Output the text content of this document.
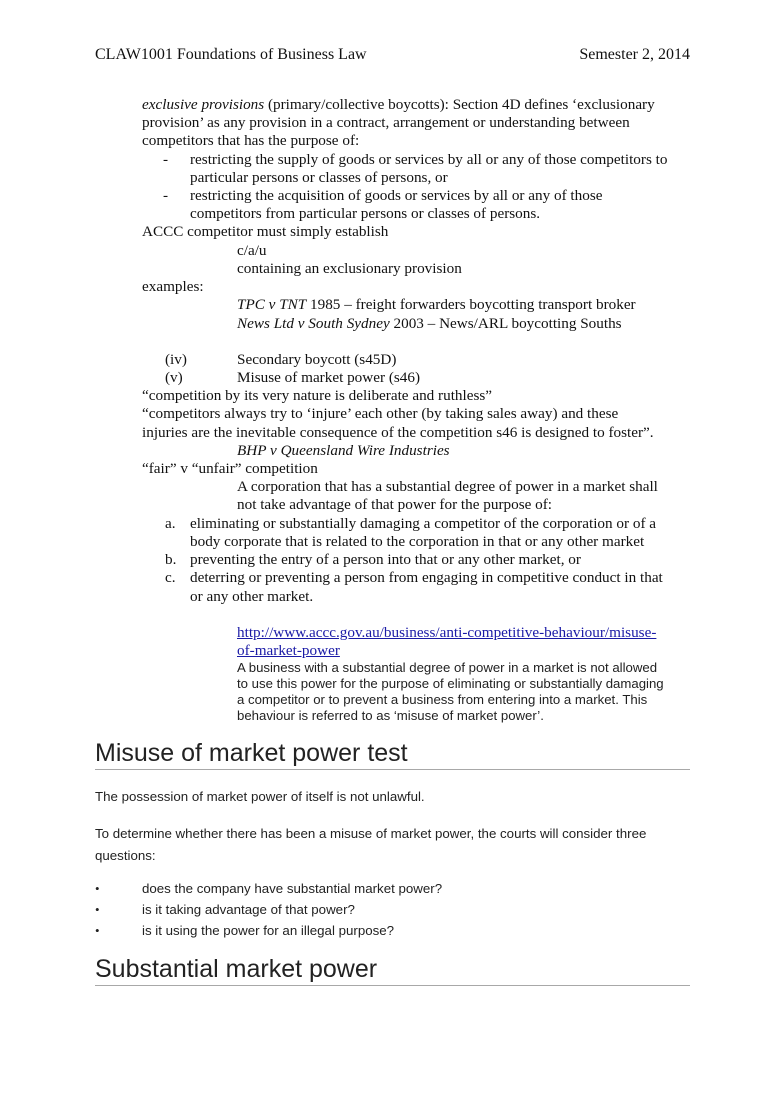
CLAW1001 Foundations of Business Law	Semester 2, 2014
exclusive provisions (primary/collective boycotts): Section 4D defines ‘exclusionary
provision’ as any provision in a contract, arrangement or understanding between
competitors that has the purpose of:
- restricting the supply of goods or services by all or any of those competitors to
particular persons or classes of persons, or
- restricting the acquisition of goods or services by all or any of those
competitors from particular persons or classes of persons.
ACCC competitor must simply establish
c/a/u
containing an exclusionary provision
examples:
TPC v TNT 1985 – freight forwarders boycotting transport broker
News Ltd v South Sydney 2003 – News/ARL boycotting Souths
(iv)	Secondary boycott (s45D)
(v)	Misuse of market power (s46)
“competition by its very nature is deliberate and ruthless”
“competitors always try to ‘injure’ each other (by taking sales away) and these
injuries are the inevitable consequence of the competition s46 is designed to foster”.
BHP v Queensland Wire Industries
“fair” v “unfair” competition
A corporation that has a substantial degree of power in a market shall
not take advantage of that power for the purpose of:
a. eliminating or substantially damaging a competitor of the corporation or of a
body corporate that is related to the corporation in that or any other market
b. preventing the entry of a person into that or any other market, or
c. deterring or preventing a person from engaging in competitive conduct in that
or any other market.
http://www.accc.gov.au/business/anti-competitive-behaviour/misuse-
of-market-power
A business with a substantial degree of power in a market is not allowed
to use this power for the purpose of eliminating or substantially damaging
a competitor or to prevent a business from entering into a market. This
behaviour is referred to as ‘misuse of market power’.
Misuse of market power test
The possession of market power of itself is not unlawful.
To determine whether there has been a misuse of market power, the courts will consider three
questions:
•	does the company have substantial market power?
•	is it taking advantage of that power?
•	is it using the power for an illegal purpose?
Substantial market power
